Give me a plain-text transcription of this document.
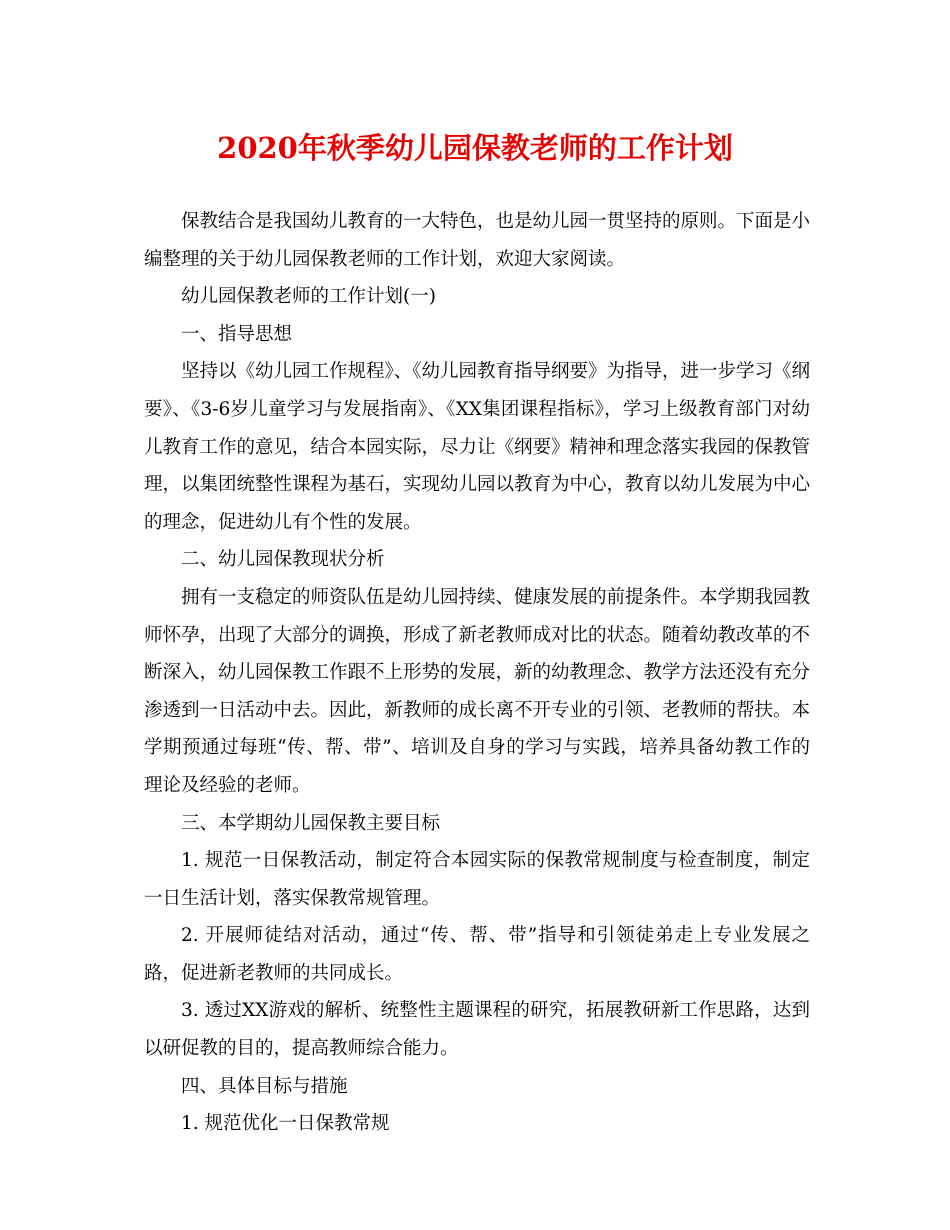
2020年秋季幼儿园保教老师的工作计划

保教结合是我国幼儿教育的一大特色，也是幼儿园一贯坚持的原则。下面是小编整理的关于幼儿园保教老师的工作计划，欢迎大家阅读。

幼儿园保教老师的工作计划(一)

一、指导思想

坚持以《幼儿园工作规程》、《幼儿园教育指导纲要》为指导，进一步学习《纲要》、《3-6岁儿童学习与发展指南》、《XX集团课程指标》，学习上级教育部门对幼儿教育工作的意见，结合本园实际，尽力让《纲要》精神和理念落实我园的保教管理，以集团统整性课程为基石，实现幼儿园以教育为中心，教育以幼儿发展为中心的理念，促进幼儿有个性的发展。

二、幼儿园保教现状分析

拥有一支稳定的师资队伍是幼儿园持续、健康发展的前提条件。本学期我园教师怀孕，出现了大部分的调换，形成了新老教师成对比的状态。随着幼教改革的不断深入，幼儿园保教工作跟不上形势的发展，新的幼教理念、教学方法还没有充分渗透到一日活动中去。因此，新教师的成长离不开专业的引领、老教师的帮扶。本学期预通过每班“传、帮、带”、培训及自身的学习与实践，培养具备幼教工作的理论及经验的老师。

三、本学期幼儿园保教主要目标

1. 规范一日保教活动，制定符合本园实际的保教常规制度与检查制度，制定一日生活计划，落实保教常规管理。

2. 开展师徒结对活动，通过“传、帮、带”指导和引领徒弟走上专业发展之路，促进新老教师的共同成长。

3. 透过XX游戏的解析、统整性主题课程的研究，拓展教研新工作思路，达到以研促教的目的，提高教师综合能力。

四、具体目标与措施

1. 规范优化一日保教常规
